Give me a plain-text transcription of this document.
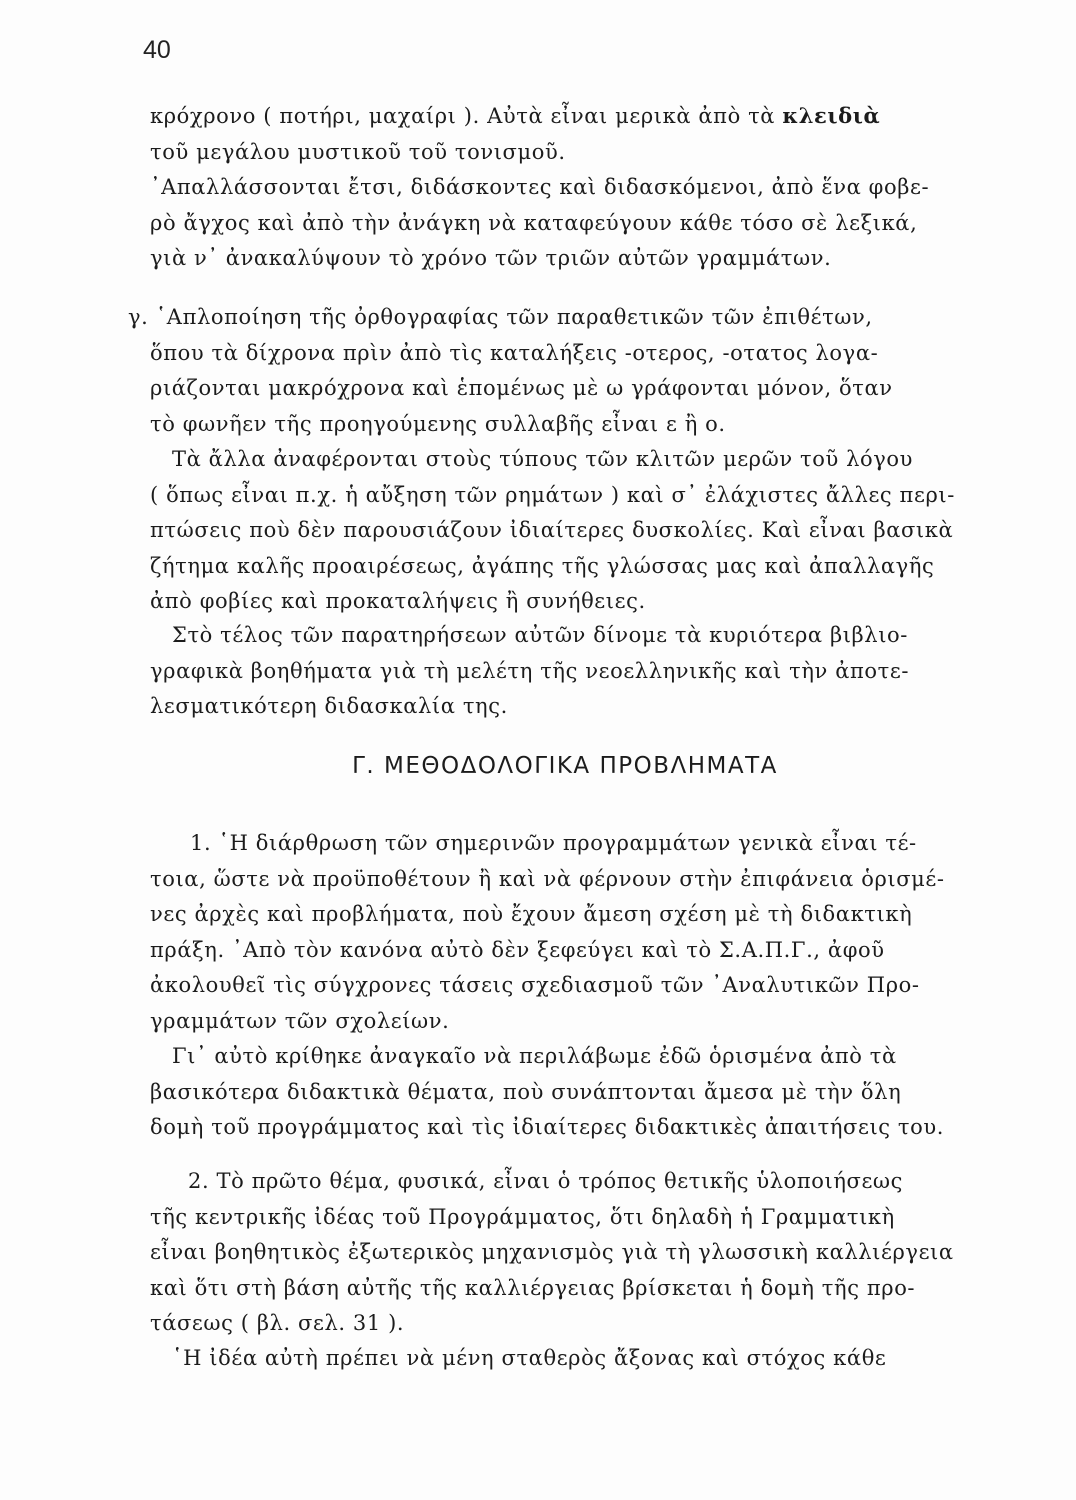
40
κρόχρονο ( ποτήρι, μαχαίρι ). Αὐτὰ εἶναι μερικὰ ἀπὸ τὰ κλειδιὰ
τοῦ μεγάλου μυστικοῦ τοῦ τονισμοῦ.
᾿Απαλλάσσονται ἔτσι, διδάσκοντες καὶ διδασκόμενοι, ἀπὸ ἕνα φοβε-
ρὸ ἄγχος καὶ ἀπὸ τὴν ἀνάγκη νὰ καταφεύγουν κάθε τόσο σὲ λεξικά,
γιὰ ν᾿ ἀνακαλύψουν τὸ χρόνο τῶν τριῶν αὐτῶν γραμμάτων.
γ. ῾Απλοποίηση τῆς ὀρθογραφίας τῶν παραθετικῶν τῶν ἐπιθέτων,
ὅπου τὰ δίχρονα πρὶν ἀπὸ τὶς καταλήξεις -οτερος, -οτατος λογα-
ριάζονται μακρόχρονα καὶ ἑπομένως μὲ ω γράφονται μόνον, ὅταν
τὸ φωνῆεν τῆς προηγούμενης συλλαβῆς εἶναι ε ἢ ο.
Τὰ ἄλλα ἀναφέρονται στοὺς τύπους τῶν κλιτῶν μερῶν τοῦ λόγου
( ὅπως εἶναι π.χ. ἡ αὔξηση τῶν ρημάτων ) καὶ σ᾿ ἐλάχιστες ἄλλες περι-
πτώσεις ποὺ δὲν παρουσιάζουν ἰδιαίτερες δυσκολίες. Καὶ εἶναι βασικὰ
ζήτημα καλῆς προαιρέσεως, ἀγάπης τῆς γλώσσας μας καὶ ἀπαλλαγῆς
ἀπὸ φοβίες καὶ προκαταλήψεις ἢ συνήθειες.
Στὸ τέλος τῶν παρατηρήσεων αὐτῶν δίνομε τὰ κυριότερα βιβλιο-
γραφικὰ βοηθήματα γιὰ τὴ μελέτη τῆς νεοελληνικῆς καὶ τὴν ἀποτε-
λεσματικότερη διδασκαλία της.
Γ. ΜΕΘΟΔΟΛΟΓΙΚΑ ΠΡΟΒΛΗΜΑΤΑ
1. ῾Η διάρθρωση τῶν σημερινῶν προγραμμάτων γενικὰ εἶναι τέ-
τοια, ὥστε νὰ προϋποθέτουν ἢ καὶ νὰ φέρνουν στὴν ἐπιφάνεια ὁρισμέ-
νες ἀρχὲς καὶ προβλήματα, ποὺ ἔχουν ἄμεση σχέση μὲ τὴ διδακτικὴ
πράξη. ᾿Απὸ τὸν κανόνα αὐτὸ δὲν ξεφεύγει καὶ τὸ Σ.Α.Π.Γ., ἀφοῦ
ἀκολουθεῖ τὶς σύγχρονες τάσεις σχεδιασμοῦ τῶν ᾿Αναλυτικῶν Προ-
γραμμάτων τῶν σχολείων.
Γι᾿ αὐτὸ κρίθηκε ἀναγκαῖο νὰ περιλάβωμε ἐδῶ ὁρισμένα ἀπὸ τὰ
βασικότερα διδακτικὰ θέματα, ποὺ συνάπτονται ἄμεσα μὲ τὴν ὅλη
δομὴ τοῦ προγράμματος καὶ τὶς ἰδιαίτερες διδακτικὲς ἀπαιτήσεις του.
2. Τὸ πρῶτο θέμα, φυσικά, εἶναι ὁ τρόπος θετικῆς ὑλοποιήσεως
τῆς κεντρικῆς ἰδέας τοῦ Προγράμματος, ὅτι δηλαδὴ ἡ Γραμματικὴ
εἶναι βοηθητικὸς ἐξωτερικὸς μηχανισμὸς γιὰ τὴ γλωσσικὴ καλλιέργεια
καὶ ὅτι στὴ βάση αὐτῆς τῆς καλλιέργειας βρίσκεται ἡ δομὴ τῆς προ-
τάσεως ( βλ. σελ. 31 ).
῾Η ἰδέα αὐτὴ πρέπει νὰ μένη σταθερὸς ἄξονας καὶ στόχος κάθε
